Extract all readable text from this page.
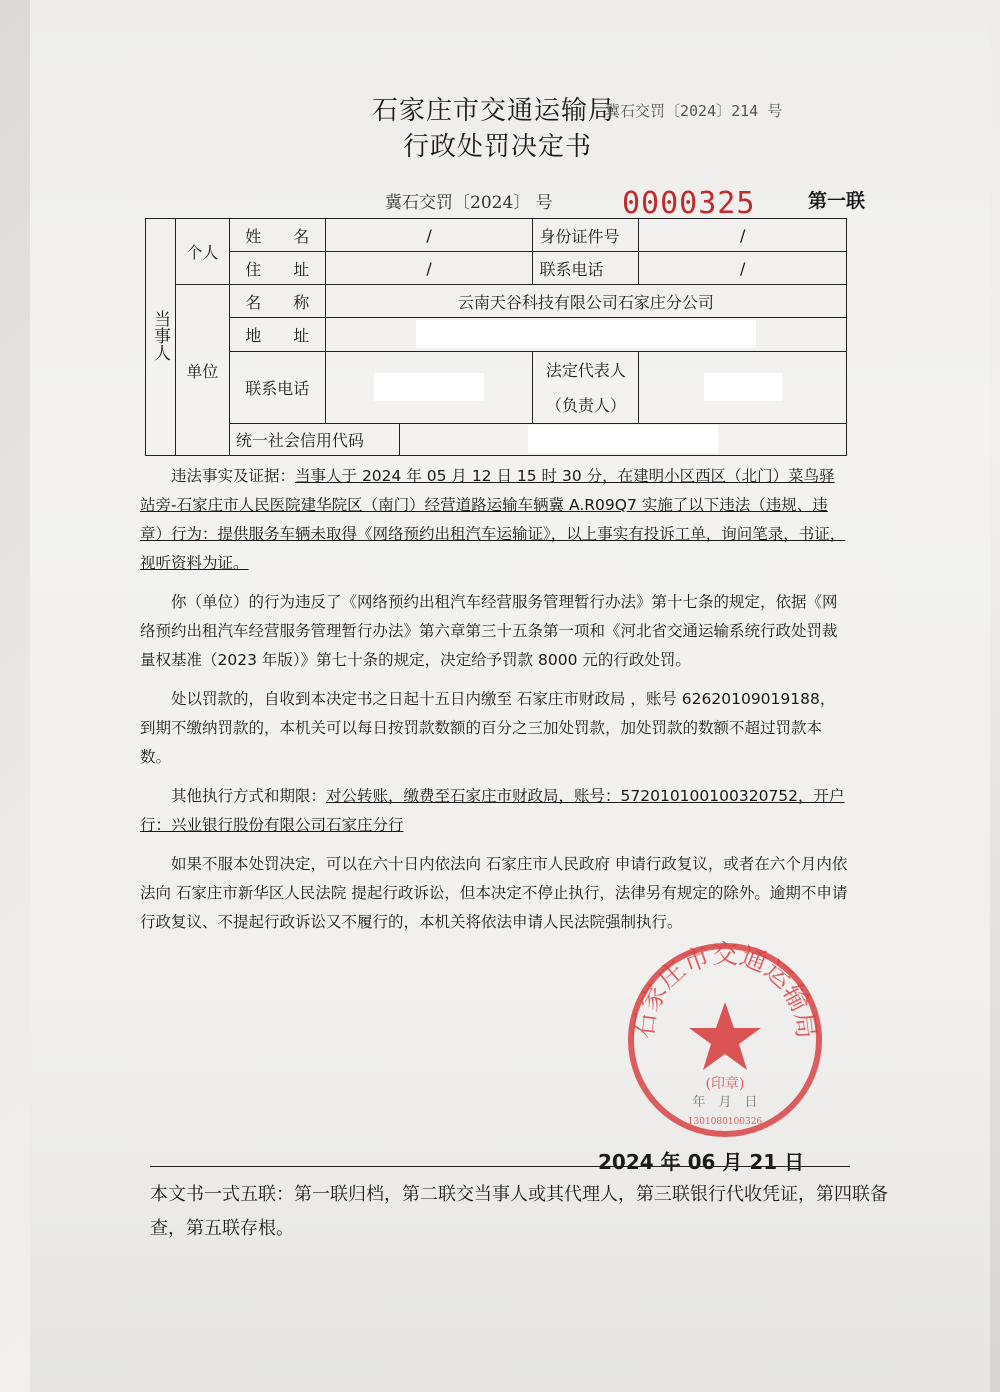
石家庄市交通运输局
冀石交罚〔2024〕214 号
行政处罚决定书
冀石交罚〔2024〕 号 0000325	第一联
当事人	个人	姓　　名	/		身份证件号	/
		住　　址	/		联系电话	/
	单位	名　　称	云南天谷科技有限公司石家庄分公司			
		地　　址				
		联系电话			法定代表人	
					（负责人）	
		统一社会信用代码				

违法事实及证据：当事人于 2024 年 05 月 12 日 15 时 30 分，在建明小区西区（北门）菜鸟驿站旁-石家庄市人民医院建华院区（南门）经营道路运输车辆冀 A.R09Q7 实施了以下违法（违规、违章）行为：提供服务车辆未取得《网络预约出租汽车运输证》，以上事实有投诉工单，询问笔录，书证，视听资料为证。

你（单位）的行为违反了《网络预约出租汽车经营服务管理暂行办法》第十七条的规定，依据《网络预约出租汽车经营服务管理暂行办法》第六章第三十五条第一项和《河北省交通运输系统行政处罚裁量权基准（2023 年版）》第七十条的规定，决定给予罚款 8000 元的行政处罚。

处以罚款的，自收到本决定书之日起十五日内缴至 石家庄市财政局 ，账号 62620109019188，到期不缴纳罚款的，本机关可以每日按罚款数额的百分之三加处罚款，加处罚款的数额不超过罚款本数。

其他执行方式和期限：对公转账，缴费至石家庄市财政局，账号：572010100100320752，开户行：兴业银行股份有限公司石家庄分行

如果不服本处罚决定，可以在六十日内依法向 石家庄市人民政府 申请行政复议，或者在六个月内依法向 石家庄市新华区人民法院 提起行政诉讼，但本决定不停止执行，法律另有规定的除外。逾期不申请行政复议、不提起行政诉讼又不履行的，本机关将依法申请人民法院强制执行。

石家庄市交通运输局
(印章)
年　月　日
1301080100326
2024 年 06 月 21 日
本文书一式五联：第一联归档，第二联交当事人或其代理人，第三联银行代收凭证，第四联备查，第五联存根。
